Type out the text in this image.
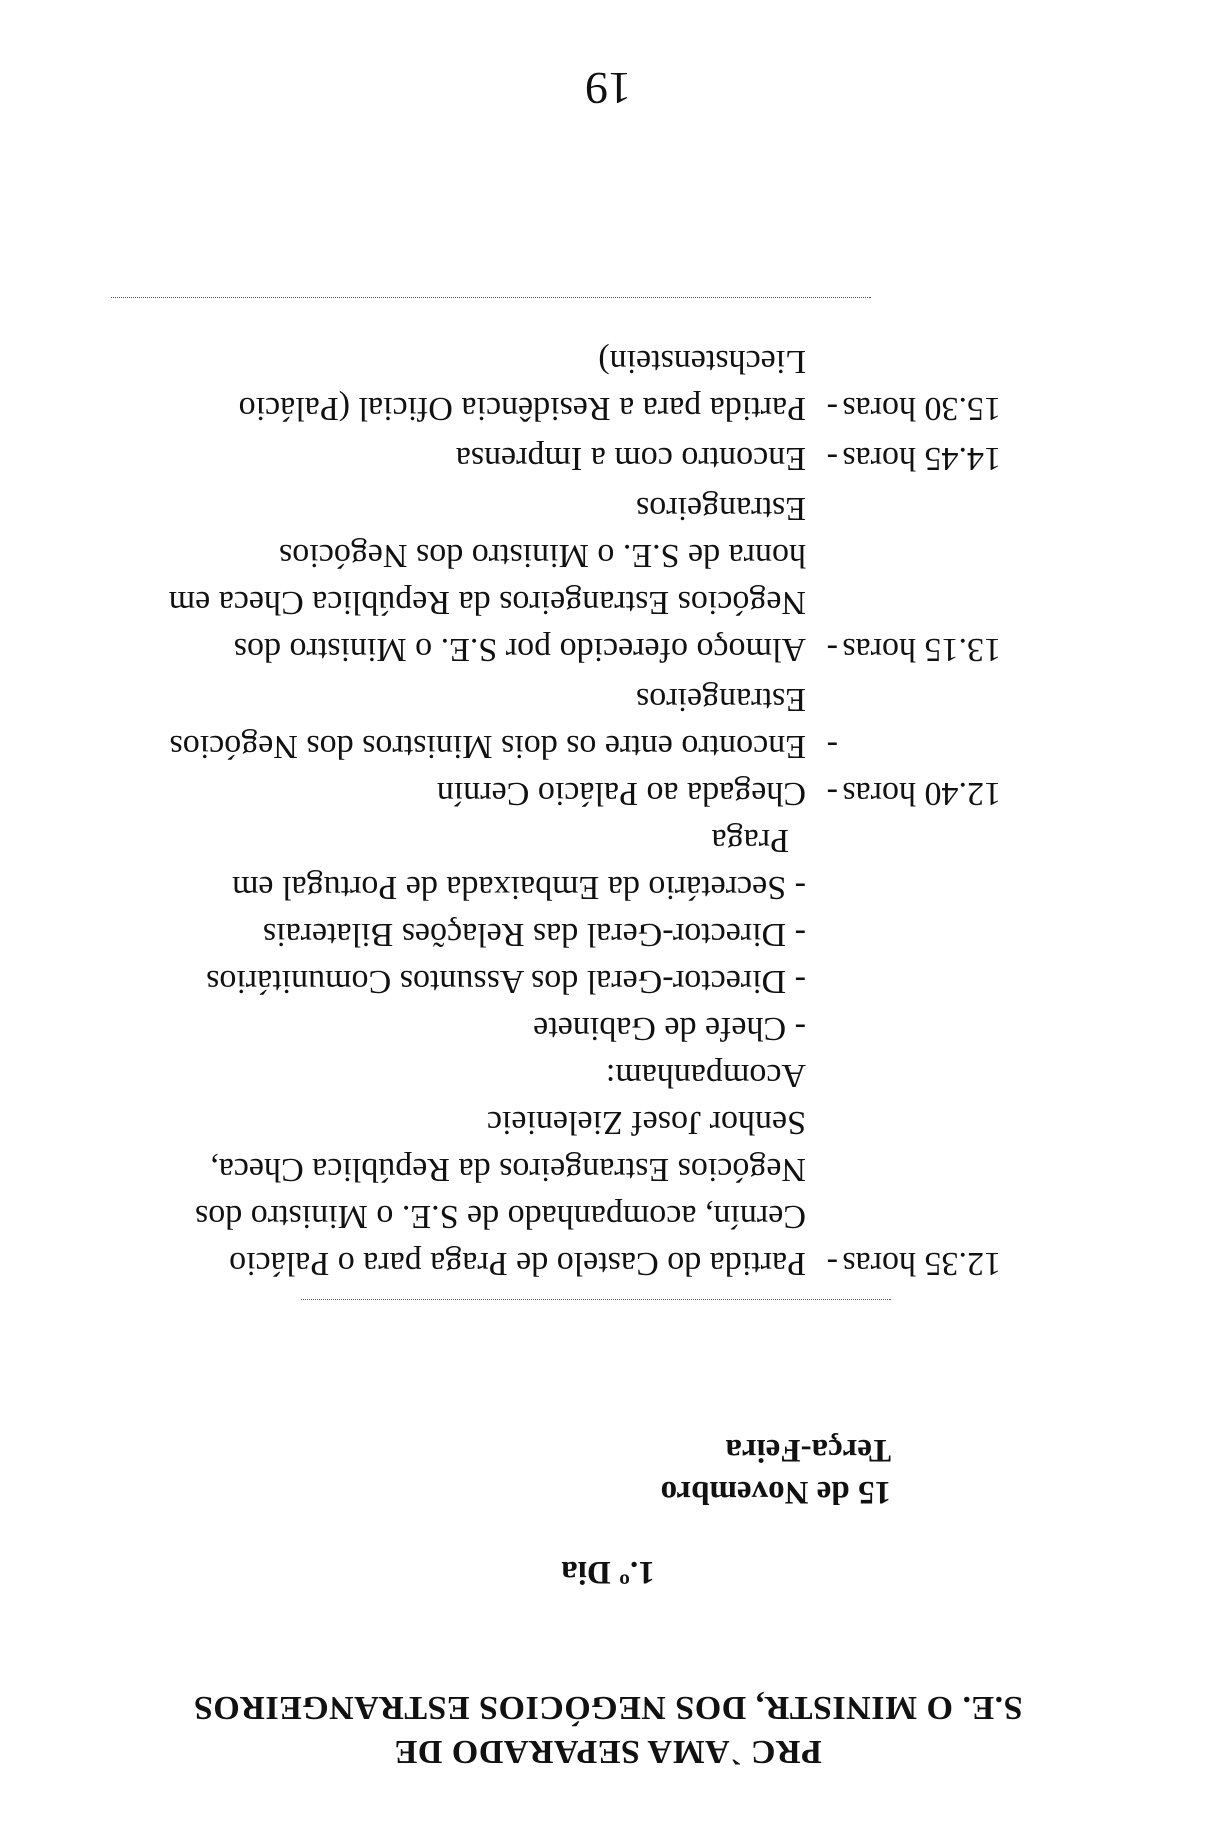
PRC `AMA SEPARADO DE
S.E. O MINISTR, DOS NEGÓCIOS ESTRANGEIROS
1.º Dia
15 de Novembro
Terça-Feira
12.35 horas
-
Partida do Castelo de Praga para o Palácio
Cernín, acompanhado de S.E. o Ministro dos
Negócios Estrangeiros da República Checa,
Senhor Josef Zielenieic
Acompanham:
- Chefe de Gabinete
- Director-Geral dos Assuntos Comunitários
- Director-Geral das Relações Bilaterais
- Secretário da Embaixada de Portugal em
Praga
12.40 horas
-
Chegada ao Palácio Cernín
-
Encontro entre os dois Ministros dos Negócios
Estrangeiros
13.15 horas
-
Almoço oferecido por S.E. o Ministro dos
Negócios Estrangeiros da República Checa em
honra de S.E. o Ministro dos Negócios
Estrangeiros
14.45 horas
-
Encontro com a Imprensa
15.30 horas
-
Partida para a Residência Oficial (Palácio
Liechstenstein)
19
